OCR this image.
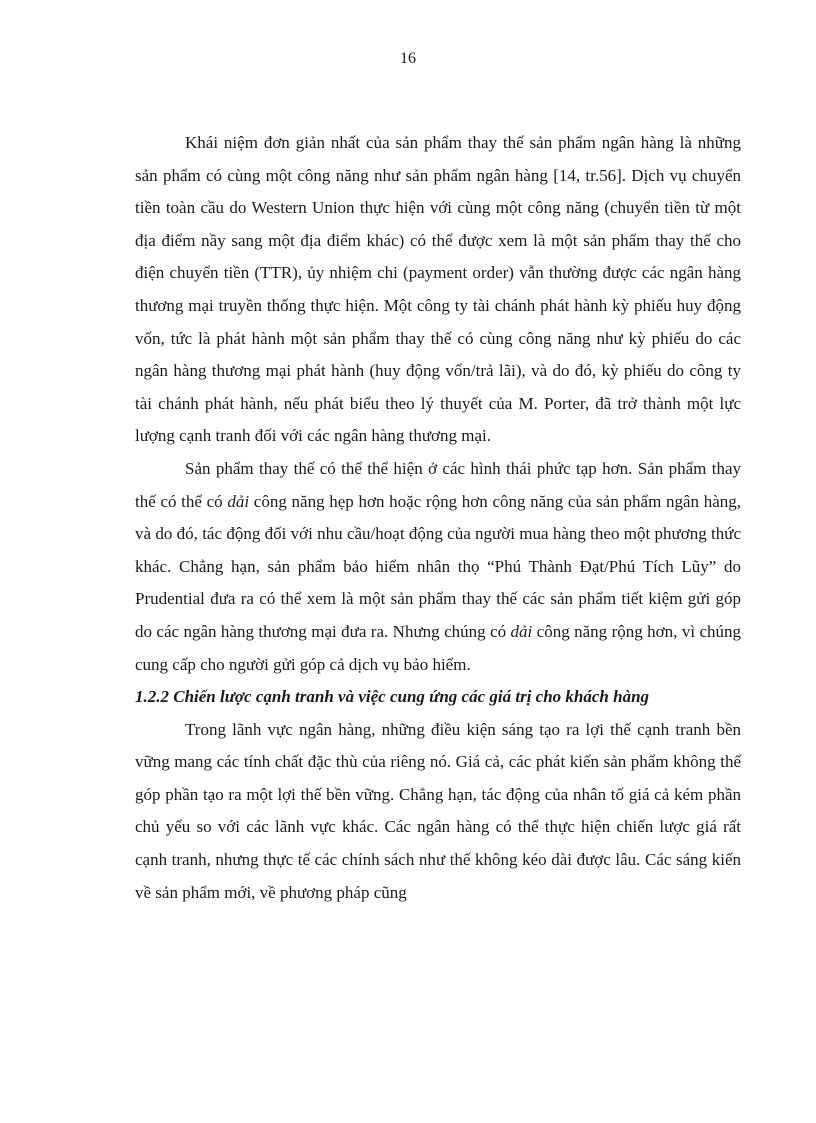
16

Khái niệm đơn giản nhất của sản phẩm thay thế sản phẩm ngân hàng là những sản phẩm có cùng một công năng như sản phẩm ngân hàng [14, tr.56]. Dịch vụ chuyển tiền toàn cầu do Western Union thực hiện với cùng một công năng (chuyển tiền từ một địa điểm nầy sang một địa điểm khác) có thể được xem là một sản phẩm thay thế cho điện chuyển tiền (TTR), ủy nhiệm chi (payment order) vẫn thường được các ngân hàng thương mại truyền thống thực hiện. Một công ty tài chánh phát hành kỳ phiếu huy động vốn, tức là phát hành một sản phẩm thay thế có cùng công năng như kỳ phiếu do các ngân hàng thương mại phát hành (huy động vốn/trả lãi), và do đó, kỳ phiếu do công ty tài chánh phát hành, nếu phát biểu theo lý thuyết của M. Porter, đã trở thành một lực lượng cạnh tranh đối với các ngân hàng thương mại.

Sản phẩm thay thế có thể thể hiện ở các hình thái phức tạp hơn. Sản phẩm thay thế có thể có dải công năng hẹp hơn hoặc rộng hơn công năng của sản phẩm ngân hàng, và do đó, tác động đối với nhu cầu/hoạt động của người mua hàng theo một phương thức khác. Chẳng hạn, sản phẩm bảo hiểm nhân thọ “Phú Thành Đạt/Phú Tích Lũy” do Prudential đưa ra có thể xem là một sản phẩm thay thế các sản phẩm tiết kiệm gửi góp do các ngân hàng thương mại đưa ra. Nhưng chúng có dải công năng rộng hơn, vì chúng cung cấp cho người gửi góp cả dịch vụ bảo hiểm.

1.2.2 Chiến lược cạnh tranh và việc cung ứng các giá trị cho khách hàng

Trong lãnh vực ngân hàng, những điều kiện sáng tạo ra lợi thế cạnh tranh bền vững mang các tính chất đặc thù của riêng nó. Giá cả, các phát kiến sản phẩm không thể góp phần tạo ra một lợi thế bền vững. Chẳng hạn, tác động của nhân tố giá cả kém phần chủ yếu so với các lãnh vực khác. Các ngân hàng có thể thực hiện chiến lược giá rất cạnh tranh, nhưng thực tế các chính sách như thế không kéo dài được lâu. Các sáng kiến về sản phẩm mới, về phương pháp cũng
